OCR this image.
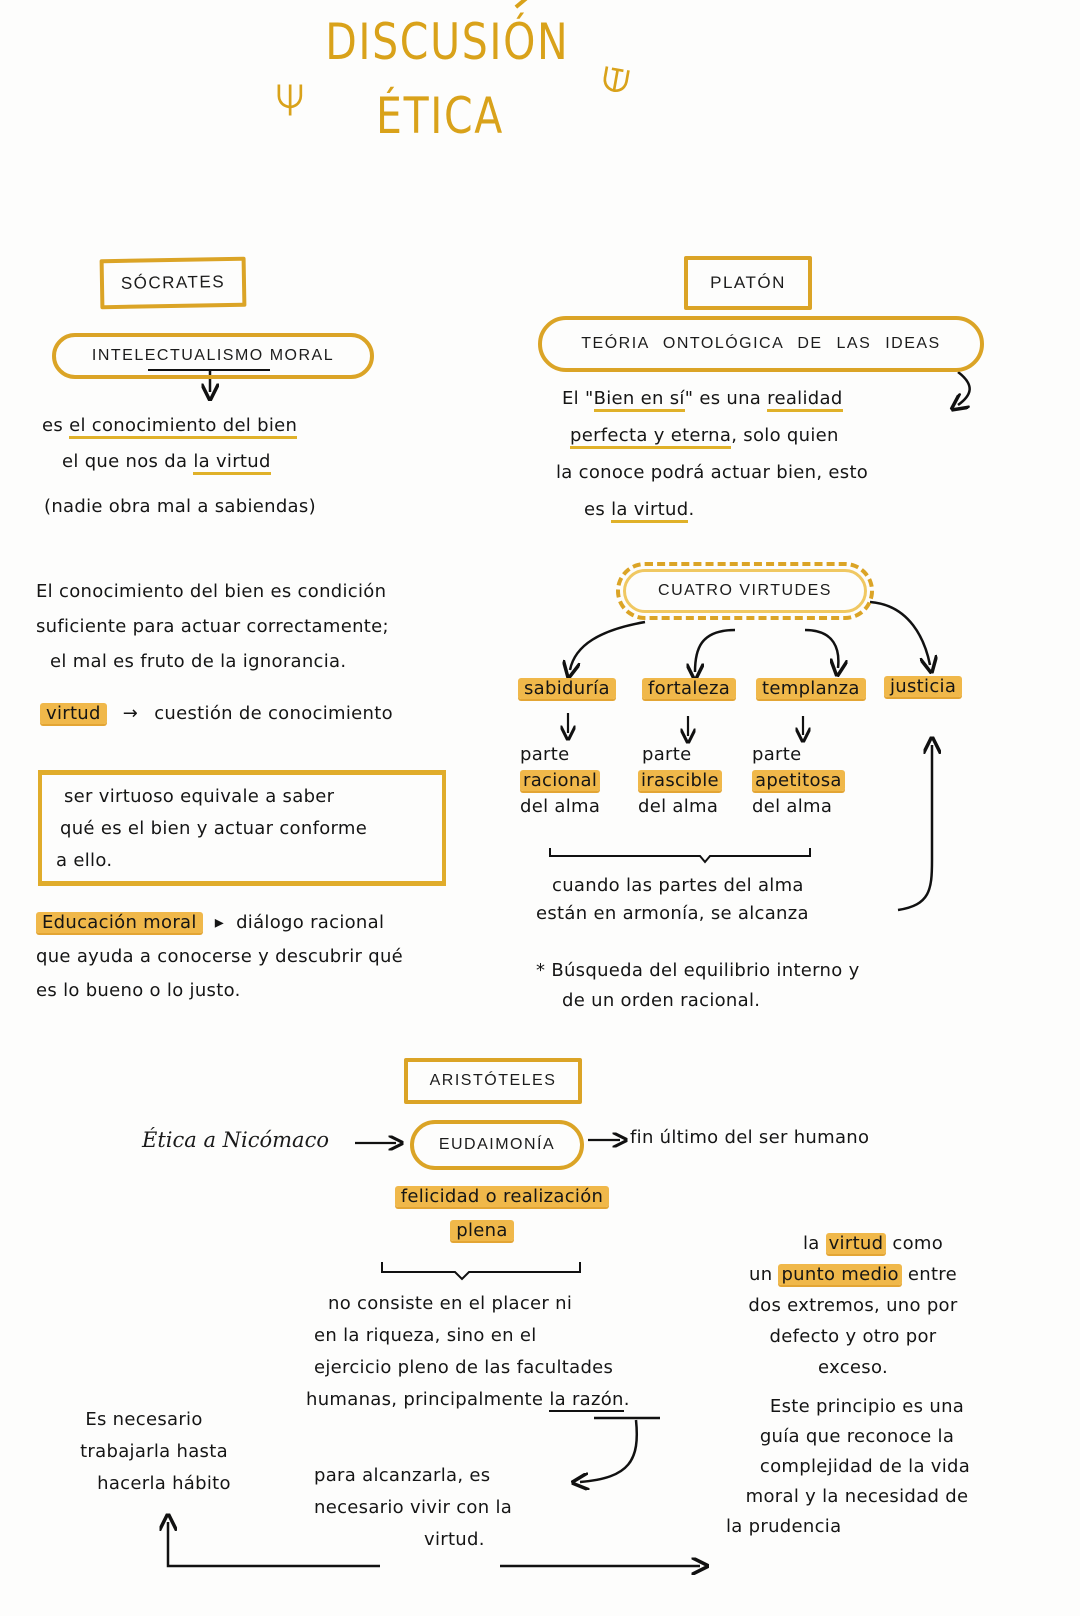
DISCUSIÓN
ÉTICA
⋺
⋻
SÓCRATES
INTELECTUALISMO MORAL
es el conocimiento del bien
el que nos da la virtud
(nadie obra mal a sabiendas)
El conocimiento del bien es condición
suficiente para actuar correctamente;
el mal es fruto de la ignorancia.
virtud → cuestión de conocimiento
ser virtuoso equivale a saber
qué es el bien y actuar conforme
a ello.
Educación moral ▸ diálogo racional
que ayuda a conocerse y descubrir qué
es lo bueno o lo justo.
PLATÓN
TEÓRIA ONTOLÓGICA DE LAS IDEAS
El "Bien en sí" es una realidad
perfecta y eterna, solo quien
la conoce podrá actuar bien, esto
es la virtud.
CUATRO VIRTUDES
sabiduría	fortaleza	templanza	justicia
parte
racional
del alma
parte
irascible
del alma
parte
apetitosa
del alma
cuando las partes del alma
están en armonía, se alcanza
* Búsqueda del equilibrio interno y
de un orden racional.
ARISTÓTELES
Ética a Nicómaco	EUDAIMONÍA	fin último del ser humano
felicidad o realización
plena
no consiste en el placer ni
en la riqueza, sino en el
ejercicio pleno de las facultades
humanas, principalmente la razón.
para alcanzarla, es
necesario vivir con la
virtud.
Es necesario
trabajarla hasta
hacerla hábito
la virtud como
un punto medio entre
dos extremos, uno por
defecto y otro por
exceso.
Este principio es una
guía que reconoce la
complejidad de la vida
moral y la necesidad de
la prudencia
